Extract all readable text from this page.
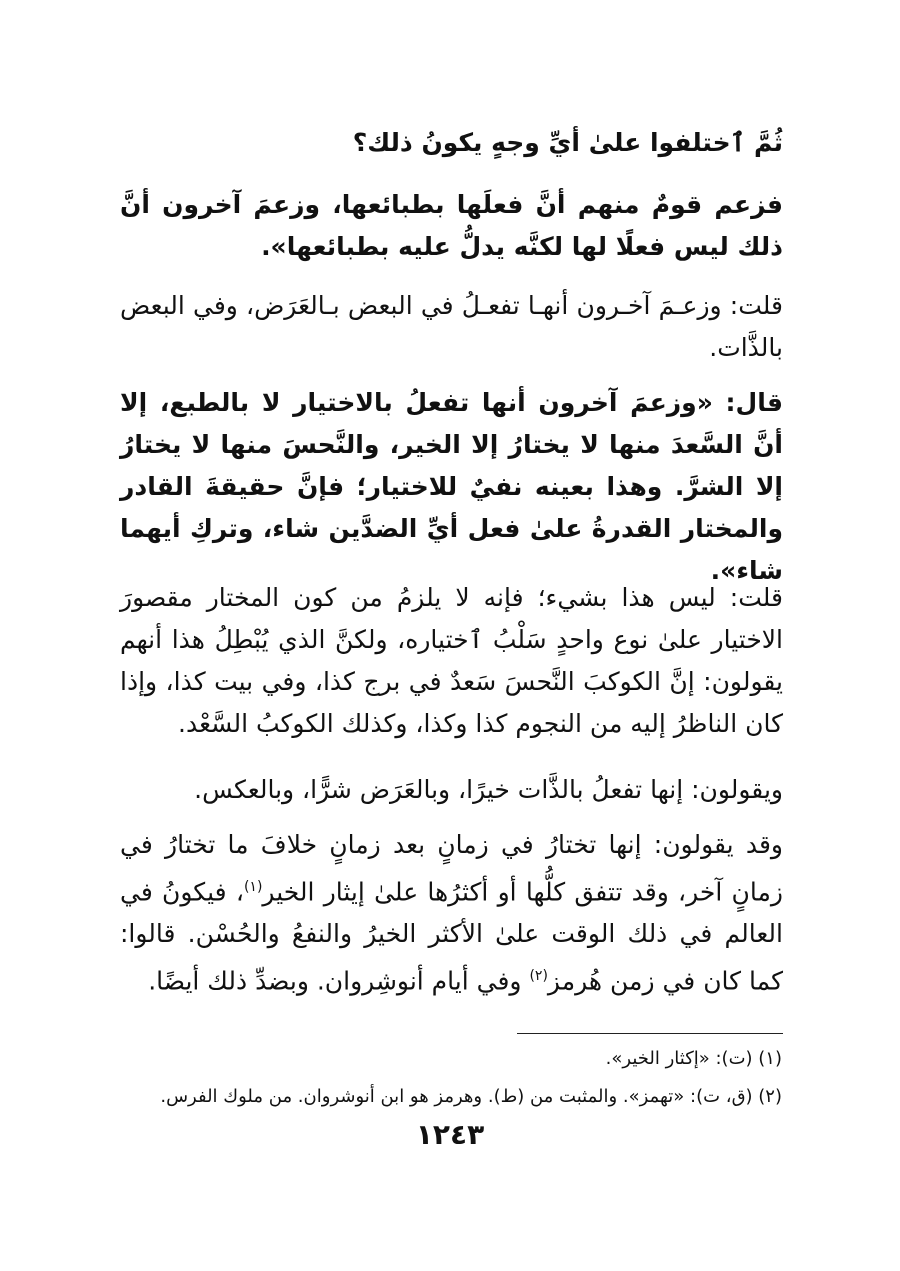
ثُمَّ ٱختلفوا علىٰ أيِّ وجهٍ يكونُ ذلك؟

فزعم قومٌ منهم أنَّ فعلَها بطبائعها، وزعمَ آخرون أنَّ ذلك ليس فعلًا لها لكنَّه يدلُّ عليه بطبائعها».

قلت: وزعـمَ آخـرون أنهـا تفعـلُ في البعض بـالعَرَض، وفي البعض بالذَّات.

قال: «وزعمَ آخرون أنها تفعلُ بالاختيار لا بالطبع، إلا أنَّ السَّعدَ منها لا يختارُ إلا الخير، والنَّحسَ منها لا يختارُ إلا الشرَّ. وهذا بعينه نفيٌ للاختيار؛ فإنَّ حقيقةَ القادر والمختار القدرةُ علىٰ فعل أيِّ الضدَّين شاء، وتركِ أيهما شاء».

قلت: ليس هذا بشيء؛ فإنه لا يلزمُ من كون المختار مقصورَ الاختيار علىٰ نوع واحدٍ سَلْبُ ٱختياره، ولكنَّ الذي يُبْطِلُ هذا أنهم يقولون: إنَّ الكوكبَ النَّحسَ سَعدٌ في برج كذا، وفي بيت كذا، وإذا كان الناظرُ إليه من النجوم كذا وكذا، وكذلك الكوكبُ السَّعْد.

ويقولون: إنها تفعلُ بالذَّات خيرًا، وبالعَرَض شرًّا، وبالعكس.

وقد يقولون: إنها تختارُ في زمانٍ بعد زمانٍ خلافَ ما تختارُ في زمانٍ آخر، وقد تتفق كلُّها أو أكثرُها علىٰ إيثار الخير$^{(١)}$، فيكونُ في العالم في ذلك الوقت علىٰ الأكثر الخيرُ والنفعُ والحُسْن. قالوا: كما كان في زمن هُرمز$^{(٢)}$ وفي أيام أنوشِروان. وبضدِّ ذلك أيضًا.

(١) (ت): «إكثار الخير».
(٢) (ق، ت): «تهمز». والمثبت من (ط). وهرمز هو ابن أنوشروان. من ملوك الفرس.
١٢٤٣
